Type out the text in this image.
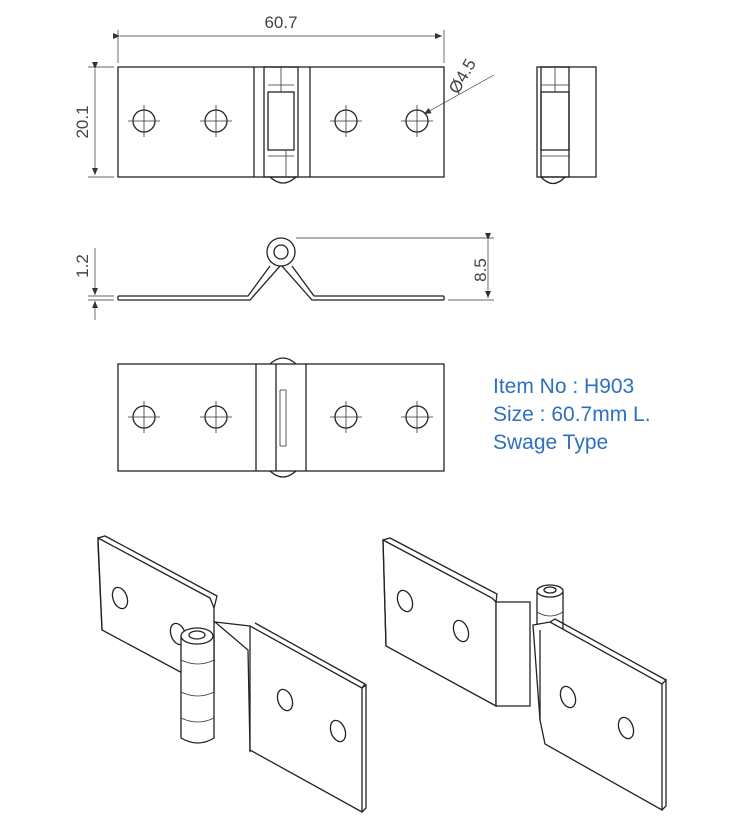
60.7
20.1
Ø4.5
1.2	8.5
Item No : H903
Size : 60.7mm L.
Swage Type
